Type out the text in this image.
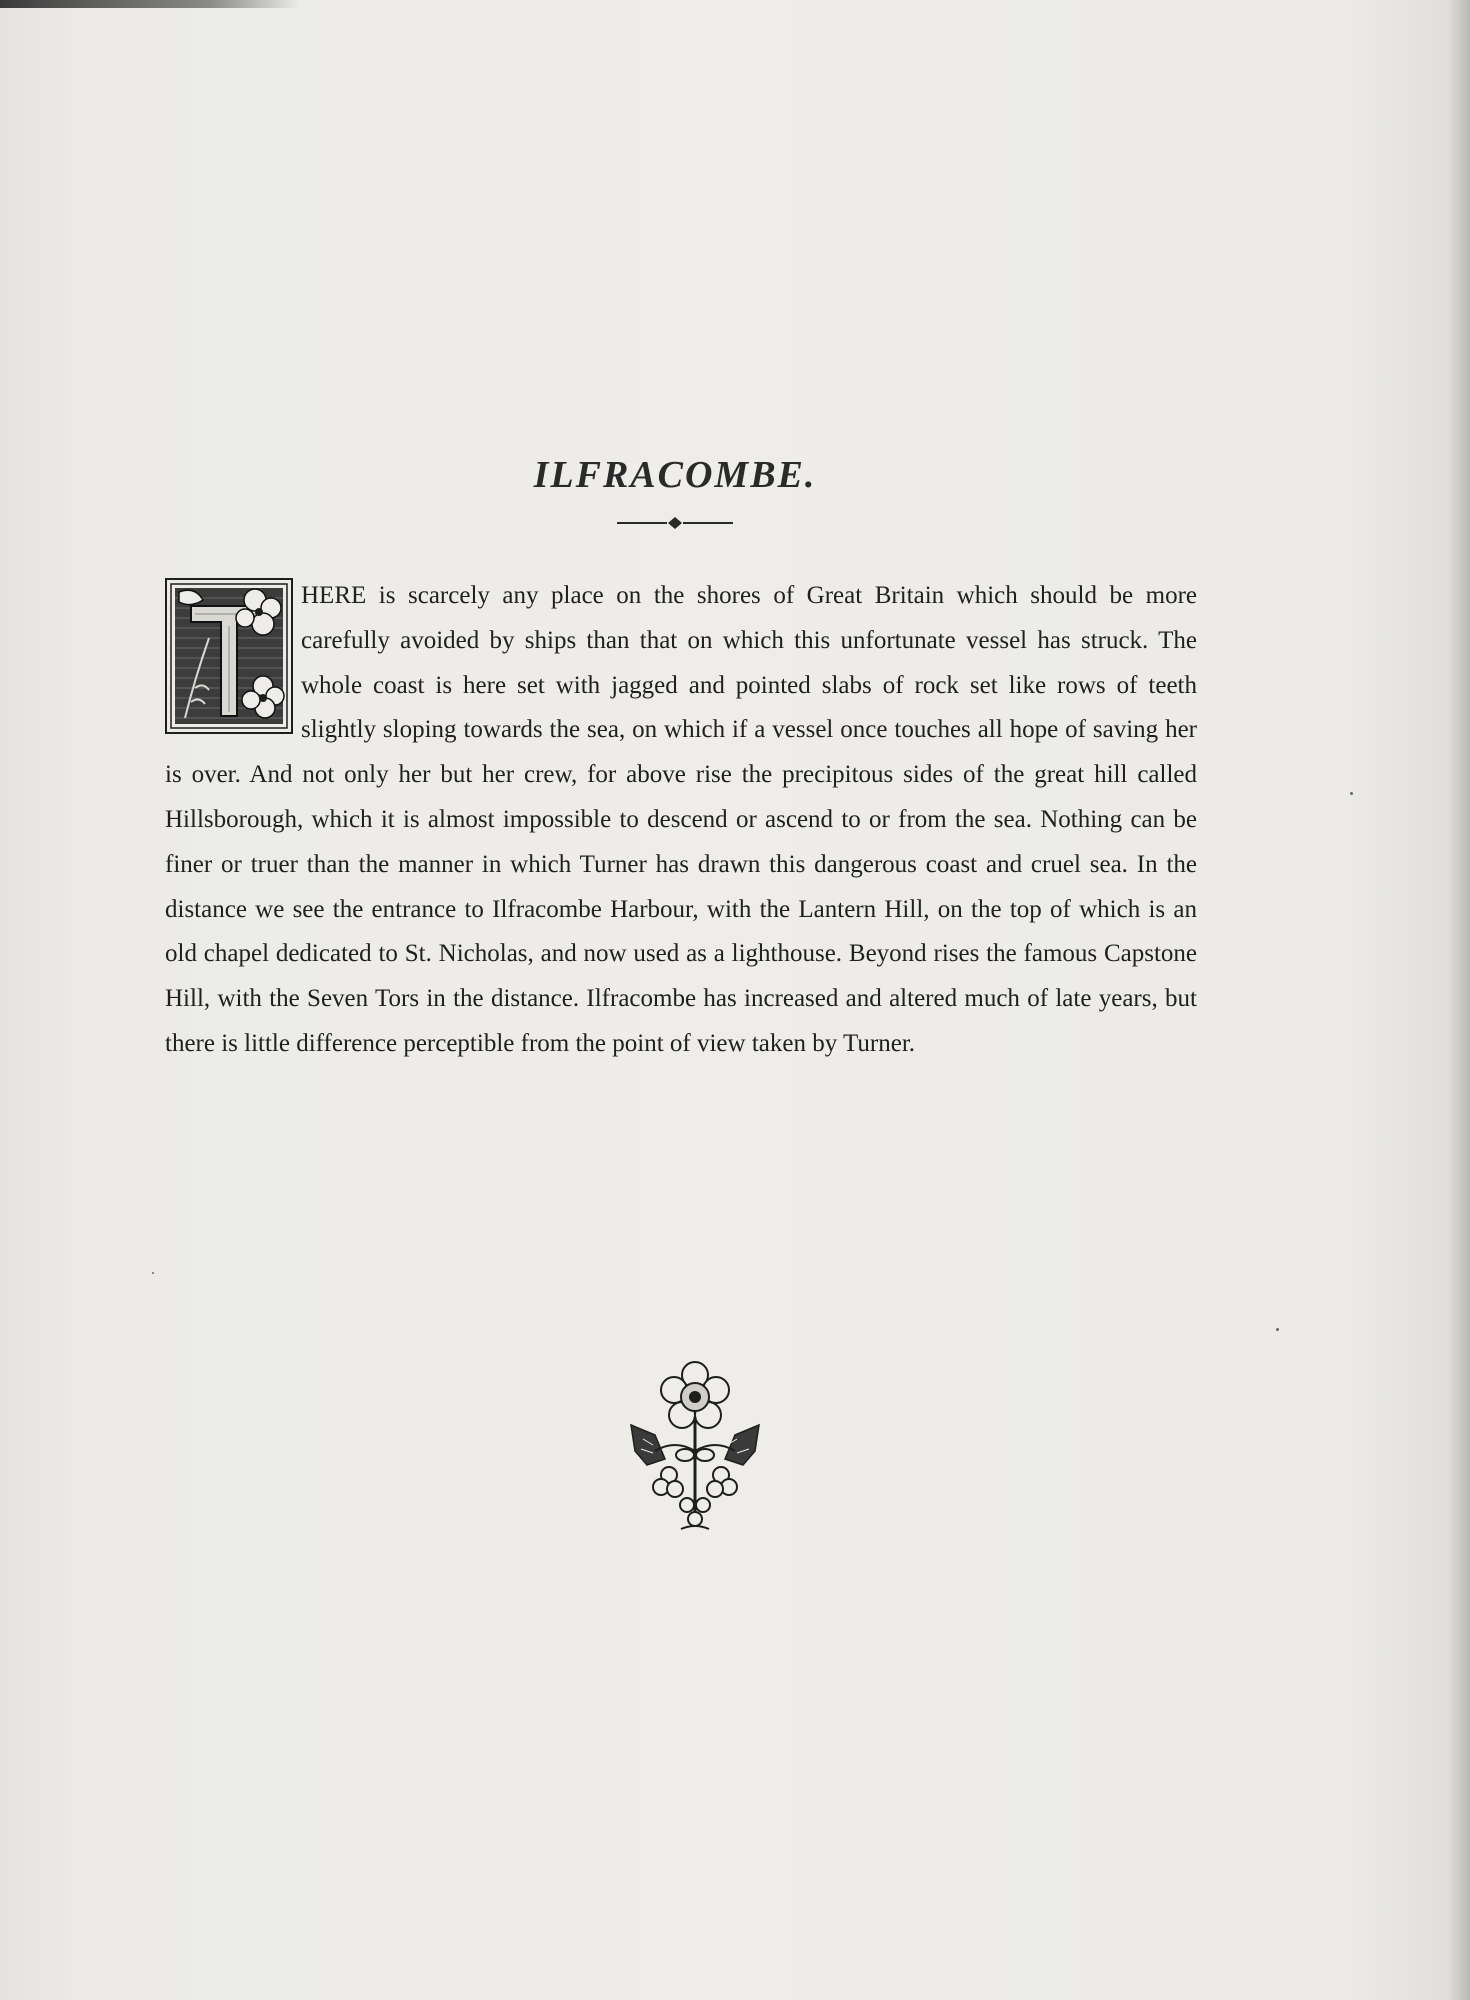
ILFRACOMBE.

HERE is scarcely any place on the shores of Great Britain which should be more carefully avoided by ships than that on which this unfortunate vessel has struck. The whole coast is here set with jagged and pointed slabs of rock set like rows of teeth slightly sloping towards the sea, on which if a vessel once touches all hope of saving her is over. And not only her but her crew, for above rise the precipitous sides of the great hill called Hillsborough, which it is almost impossible to descend or ascend to or from the sea. Nothing can be finer or truer than the manner in which Turner has drawn this dangerous coast and cruel sea. In the distance we see the entrance to Ilfracombe Harbour, with the Lantern Hill, on the top of which is an old chapel dedicated to St. Nicholas, and now used as a lighthouse. Beyond rises the famous Capstone Hill, with the Seven Tors in the distance. Ilfracombe has increased and altered much of late years, but there is little difference perceptible from the point of view taken by Turner.
